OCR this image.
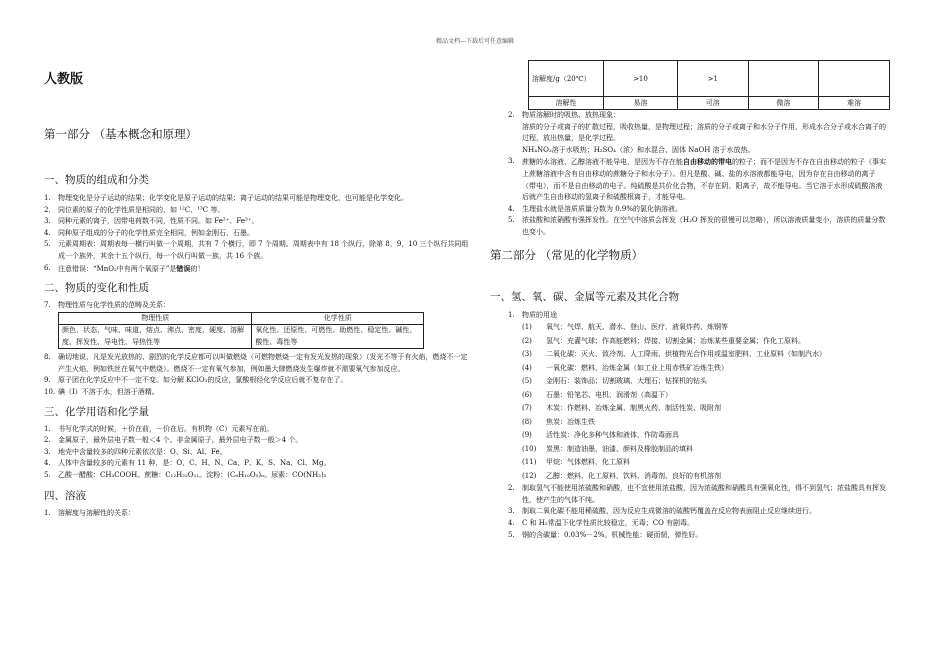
精品文档---下载后可任意编辑
人教版
第一部分 （基本概念和原理）
一、物质的组成和分类
1.	物理变化是分子运动的结果；化学变化是原子运动的结果；离子运动的结果可能是物理变化，也可能是化学变化。
2.	同位素的原子的化学性质是相同的，如 ¹²C、¹³C 等。
3.	同种元素的离子，因带电荷数不同，性质不同。如 Fe²⁺、Fe³⁺。
4.	同种原子组成的分子的化学性质完全相同，例如金刚石、石墨。
5.	元素周期表：周期表每一横行叫做一个周期，共有 7 个横行，即 7 个周期。周期表中有 18 个纵行，除第 8，9，10 三个纵行共同组成一个族外，其余十五个纵行，每一个纵行叫做一族，共 16 个族。
6.	注意错误：“MnO₂中有两个氧原子”是错误的！
二、物质的变化和性质
7.	物理性质与化学性质的范畴及关系：
物理性质	化学性质
颜色、状态、气味、味道、熔点、沸点、密度、硬度、溶解度、挥发性、导电性、导热性等	氧化性、还原性、可燃性、助燃性、稳定性、碱性、酸性、毒性等
8.	确切地说，凡是发光放热的、剧烈的化学反应都可以叫做燃烧（可燃物燃烧一定有发光发热的现象）（发光不等于有火焰，燃烧不一定产生火焰，例如铁丝在氧气中燃烧）。燃烧不一定有氧气参加，例如墨大肆燃烧发生爆炸就不需要氧气参加反应。
9.	原子团在化学反应中不一定不变。如分解 KClO₃的反应，氯酸根经化学反应后就不复存在了。
10. 碘（I）不溶于水，但溶于酒精。
三、化学用语和化学量
1.	书写化学式的时候，＋价在前，－价在后。有机物（C）元素写在前。
2.	金属原子，最外层电子数一般＜4 个。非金属原子，最外层电子数一般＞4 个。
3.	地壳中含量较多的四种元素依次是：O、Si、Al、Fe。
4.	人体中含量较多的元素有 11 种，是：O、C、H、N、Ca、P、K、S、Na、Cl、Mg。
5.	乙酸一醋酸：CH₃COOH。蔗糖：C₁₂H₂₂O₁₁。淀粉：(C₆H₁₀O₅)ₙ。尿素：CO(NH₂)₂
四、溶液
1.	溶解度与溶解性的关系：
溶解度/g（20℃）	>10	>1		
溶解性	易溶	可溶	微溶	难溶
2.	物质溶解时的吸热、放热现象：
溶质的分子或离子的扩散过程，吸收热量，是物理过程；溶质的分子或离子和水分子作用，形成水合分子或水合离子的过程，放出热量，是化学过程。
NH₄NO₃溶于水吸热；H₂SO₄（浓）和水混合、固体 NaOH 溶于水放热。
3.	蔗糖的水溶液、乙醇溶液不能导电，是因为不存在能自由移动的带电的粒子；而不是因为不存在自由移动的粒子（事实上蔗糖溶液中含有自由移动的蔗糖分子和水分子）。但凡是酸、碱、盐的水溶液都能导电，因为存在自由移动的离子（带电），而不是自由移动的电子。纯硫酸是共价化合物，不存在阴、阳离子，故不能导电。当它溶于水形成硫酸溶液后就产生自由移动的氢离子和硫酸根离子，才能导电。
4.	生理盐水就是溶质质量分数为 0.9%的氯化钠溶液。
5.	浓盐酸和浓硝酸有强挥发性。在空气中溶质会挥发（H₂O 挥发的很慢可以忽略），所以溶液质量变小，溶质的质量分数也变小。
第二部分 （常见的化学物质）
一、氢、氧、碳、金属等元素及其化合物
1.	物质的用途
(1)	氧气：气焊、航天、潜水、登山、医疗、液氧炸药、炼钢等
(2)	氢气：充灌气球；作高能燃料；焊接、切割金属；冶炼某些重要金属；作化工原料。
(3)	二氧化碳：灭火、致冷剂、人工降雨、供植物光合作用或温室肥料、工业原料（如制汽水）
(4)	一氧化碳：燃料、冶炼金属（如工业上用赤铁矿冶炼生铁）
(5)	金刚石：装饰品；切割玻璃、大理石；钻探机的钻头
(6)	石墨：铅笔芯、电机、润滑剂（高温下）
(7)	木炭：作燃料、冶炼金属、制黑火药、制活性炭、吸附剂
(8)	焦炭：冶炼生铁
(9)	活性炭：净化多种气体和液体，作防毒面具
(10)	炭黑：制造油墨、油漆、颜料及橡胶制品的填料
(11)	甲烷：气体燃料、化工原料
(12)	乙醇：燃料、化工原料、饮料、消毒剂、良好的有机溶剂
2.	制取氢气不能使用浓硫酸和硝酸，也不宜使用浓盐酸，因为浓硫酸和硝酸具有强氧化性，得不到氢气；浓盐酸具有挥发性，使产生的气体不纯。
3.	制取二氧化碳不能用稀硫酸，因为反应生成微溶的硫酸钙覆盖在反应物表面阻止反应继续进行。
4.	C 和 H₂常温下化学性质比较稳定，无毒；CO 有剧毒。
5.	钢的含碳量：0.03%－2%。机械性能：硬而韧，弹性好。
